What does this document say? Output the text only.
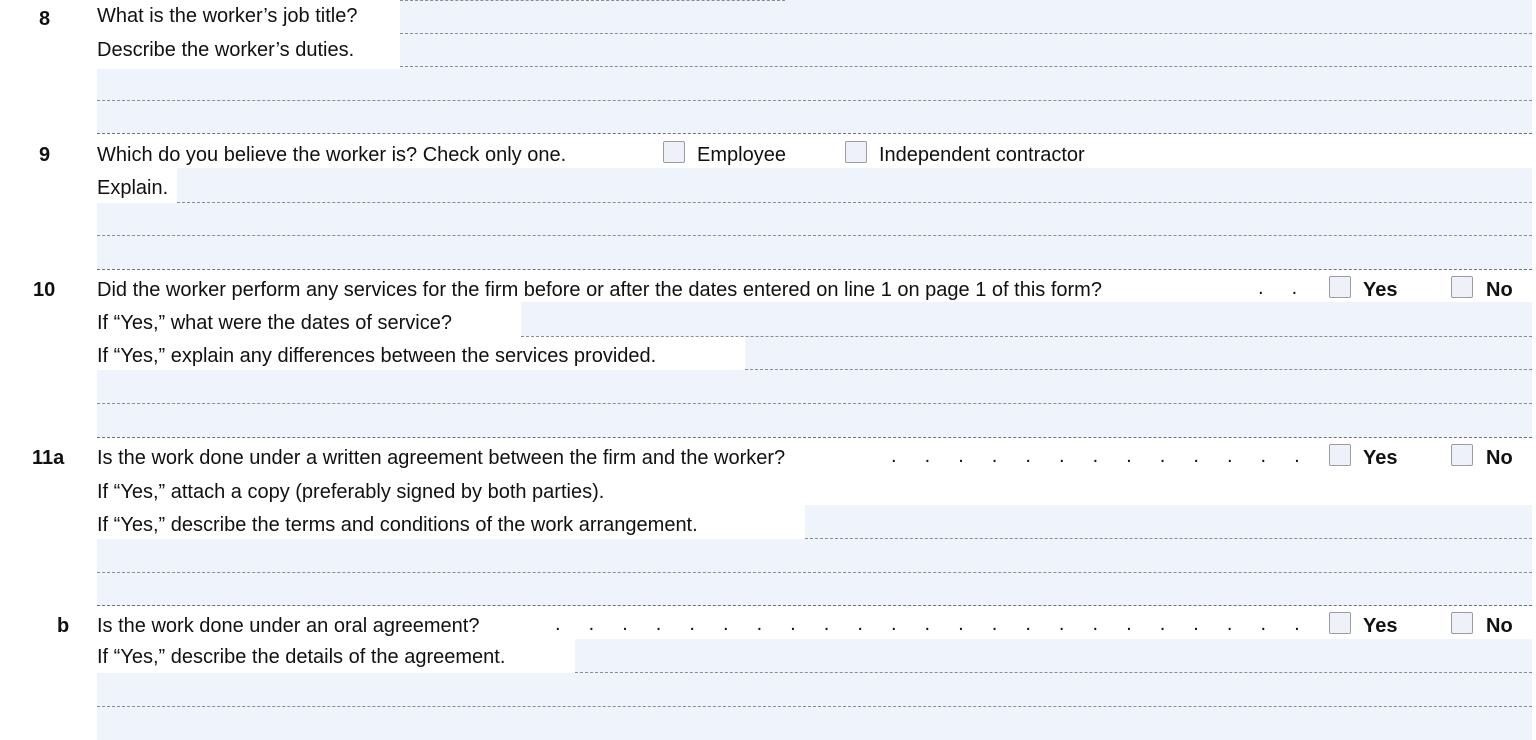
8 What is the worker’s job title?
Describe the worker’s duties.
9 Which do you believe the worker is? Check only one.	Employee	Independent contractor
Explain.
10 Did the worker perform any services for the firm before or after the dates entered on line 1 on page 1 of this form?	. .	Yes	No
If “Yes,” what were the dates of service?
If “Yes,” explain any differences between the services provided.
11a Is the work done under a written agreement between the firm and the worker?	. . . . . . . . . . . . .	Yes	No
If “Yes,” attach a copy (preferably signed by both parties).
If “Yes,” describe the terms and conditions of the work arrangement.
b Is the work done under an oral agreement?	. . . . . . . . . . . . . . . . . . . . . . .	Yes	No
If “Yes,” describe the details of the agreement.
